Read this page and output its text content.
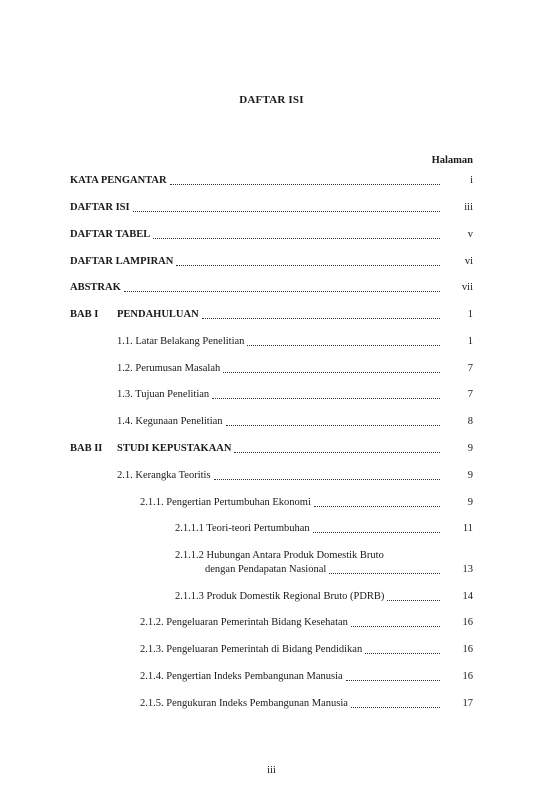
DAFTAR ISI
Halaman
KATA PENGANTAR	i
DAFTAR ISI	iii
DAFTAR TABEL	v
DAFTAR LAMPIRAN	vi
ABSTRAK	vii
BAB I PENDAHULUAN	1
1.1. Latar Belakang Penelitian	1
1.2. Perumusan Masalah	7
1.3. Tujuan Penelitian	7
1.4. Kegunaan Penelitian	8
BAB II STUDI KEPUSTAKAAN	9
2.1. Kerangka Teoritis	9
2.1.1. Pengertian Pertumbuhan Ekonomi	9
2.1.1.1 Teori-teori Pertumbuhan	11
2.1.1.2 Hubungan Antara Produk Domestik Bruto
dengan Pendapatan Nasional	13
2.1.1.3 Produk Domestik Regional Bruto (PDRB)	14
2.1.2. Pengeluaran Pemerintah Bidang Kesehatan	16
2.1.3. Pengeluaran Pemerintah di Bidang Pendidikan	16
2.1.4. Pengertian Indeks Pembangunan Manusia	16
2.1.5. Pengukuran Indeks Pembangunan Manusia	17
iii
